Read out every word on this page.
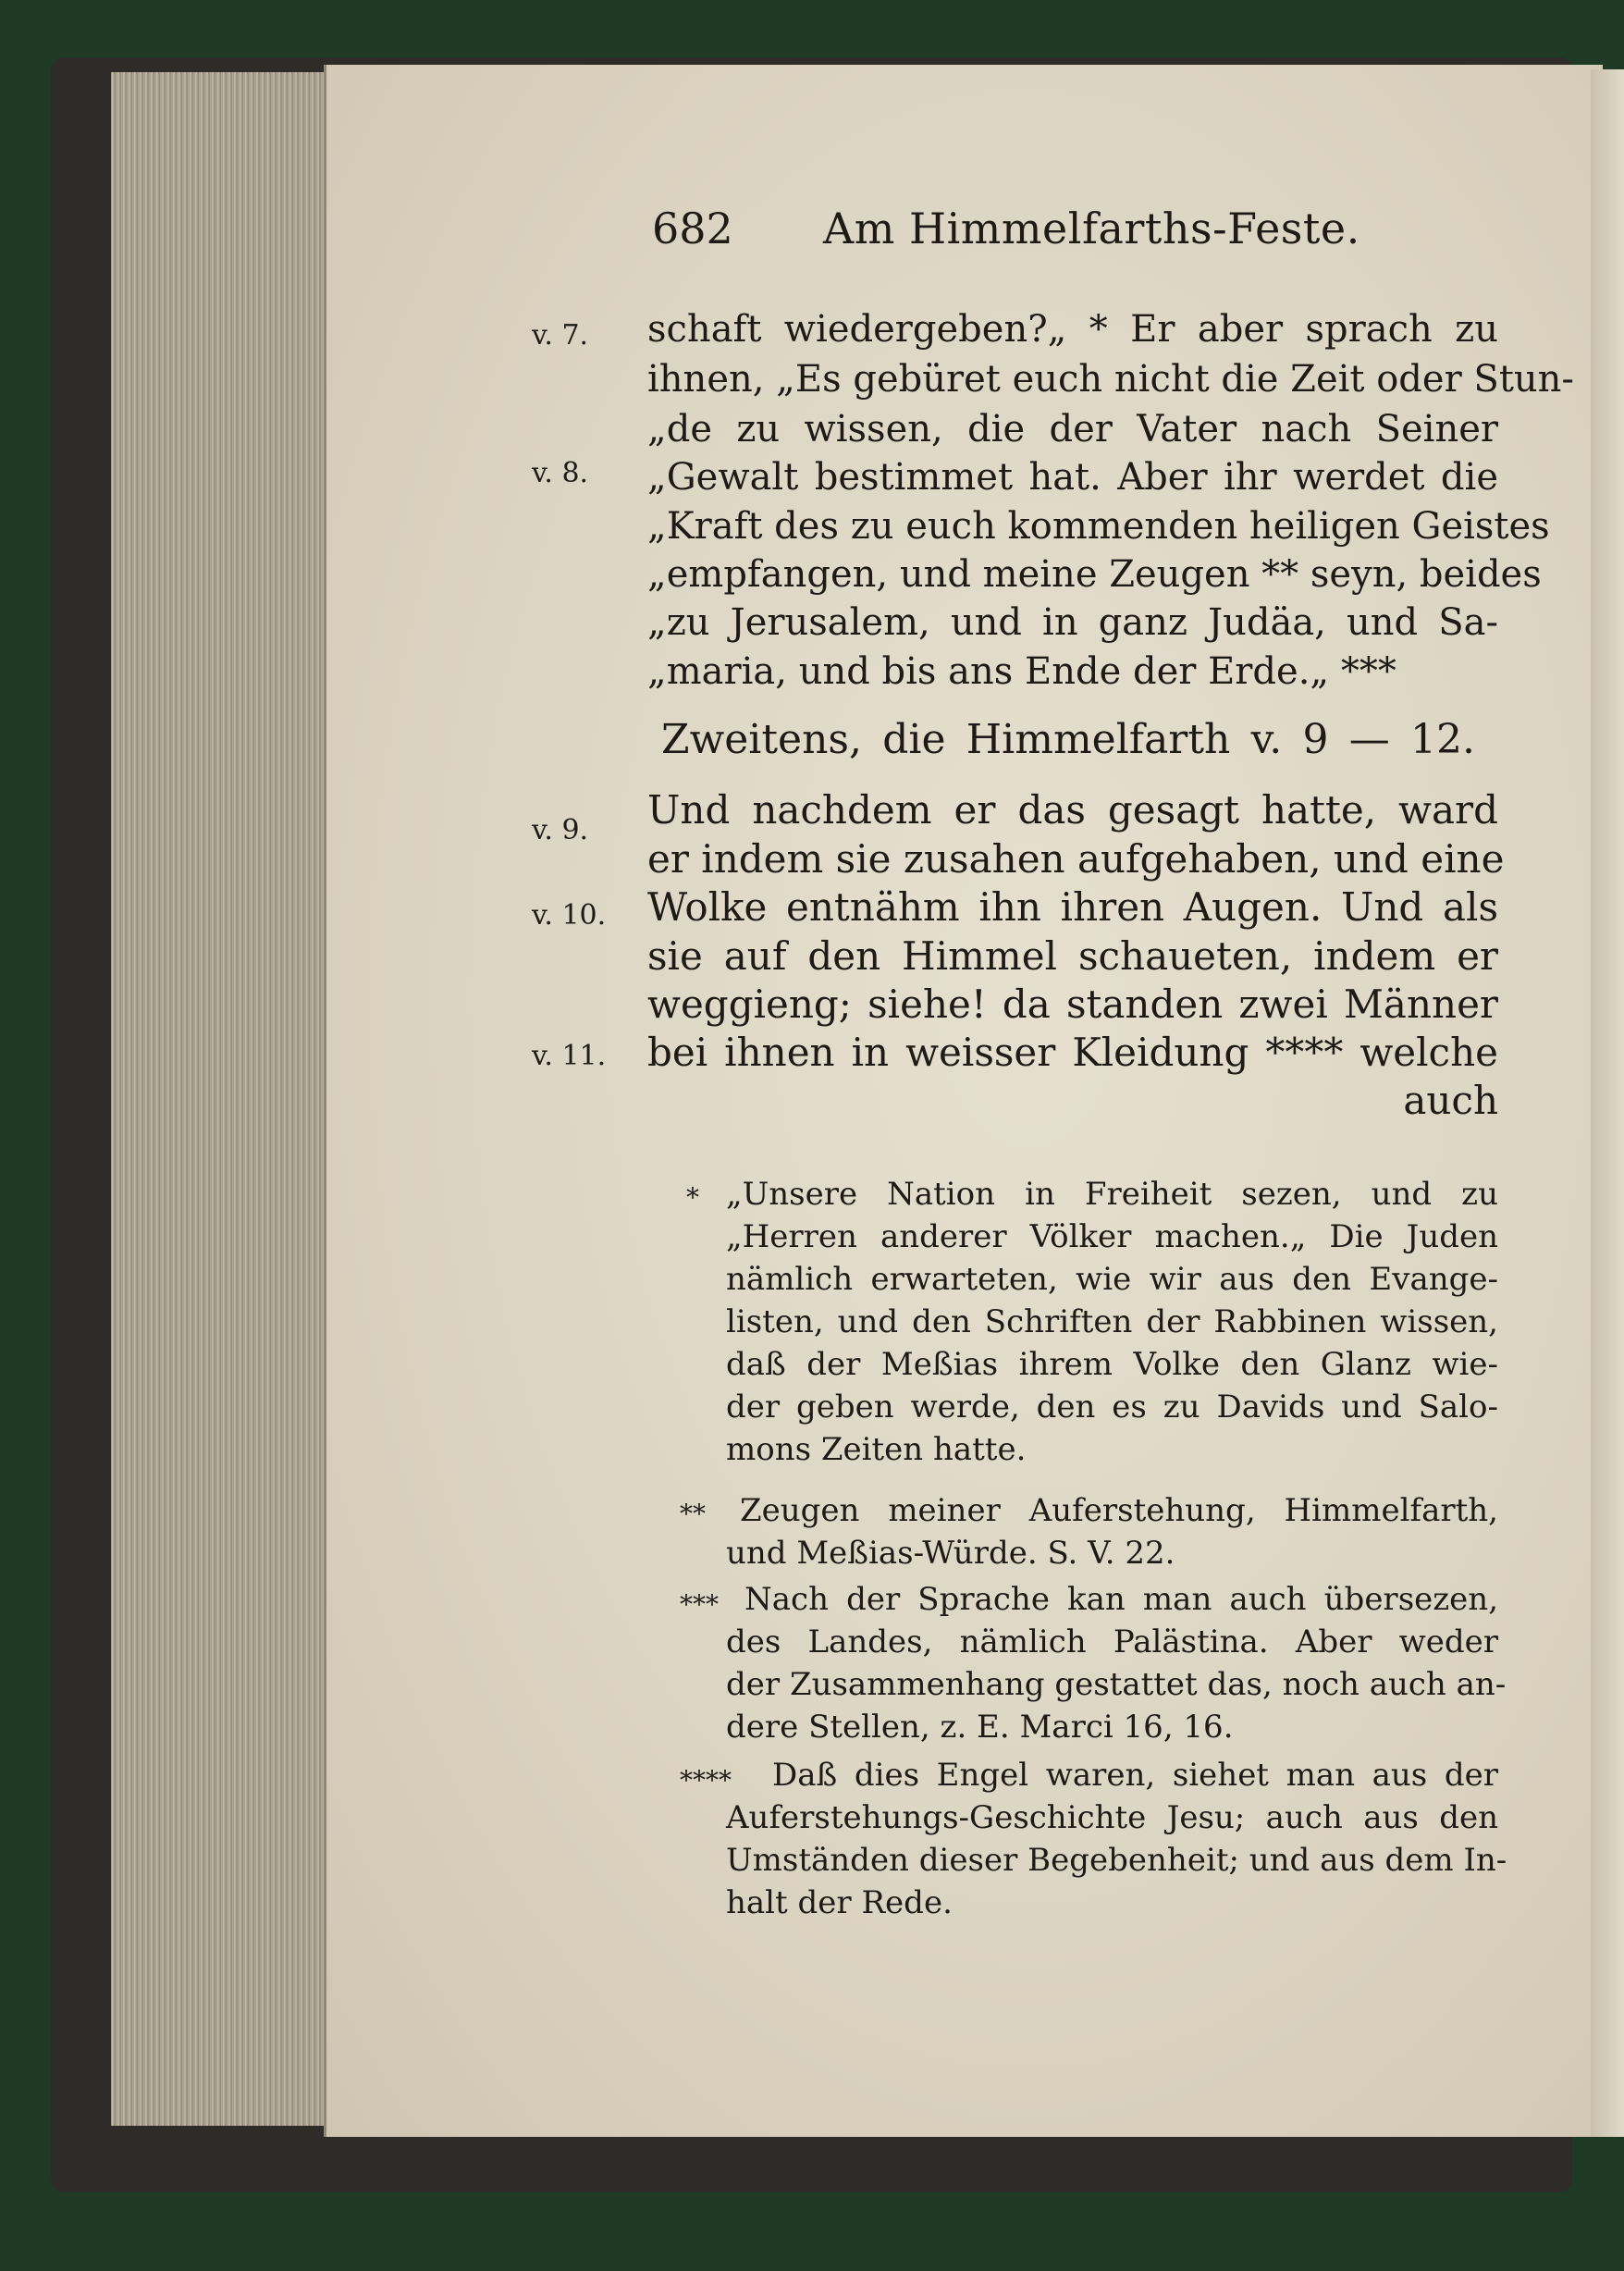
682 Am Himmelfarths-Feste.
v. 7.
v. 8.
v. 9.
v. 10.
v. 11.
schaft wiedergeben?„ * Er aber sprach zu
ihnen, „Es gebüret euch nicht die Zeit oder Stun-
„de zu wissen, die der Vater nach Seiner
„Gewalt bestimmet hat. Aber ihr werdet die
„Kraft des zu euch kommenden heiligen Geistes
„empfangen, und meine Zeugen ** seyn, beides
„zu Jerusalem, und in ganz Judäa, und Sa-
„maria, und bis ans Ende der Erde.„ ***
Zweitens, die Himmelfarth v. 9 — 12.
Und nachdem er das gesagt hatte, ward
er indem sie zusahen aufgehaben, und eine
Wolke entnähm ihn ihren Augen. Und als
sie auf den Himmel schaueten, indem er
weggieng; siehe! da standen zwei Männer
bei ihnen in weisser Kleidung **** welche
auch
* „Unsere Nation in Freiheit sezen, und zu
„Herren anderer Völker machen.„ Die Juden
nämlich erwarteten, wie wir aus den Evange-
listen, und den Schriften der Rabbinen wissen,
daß der Meßias ihrem Volke den Glanz wie-
der geben werde, den es zu Davids und Salo-
mons Zeiten hatte.
**	Zeugen meiner Auferstehung, Himmelfarth,
und Meßias-Würde. S. V. 22.
*** Nach der Sprache kan man auch übersezen,
des Landes, nämlich Palästina. Aber weder
der Zusammenhang gestattet das, noch auch an-
dere Stellen, z. E. Marci 16, 16.
****	Daß dies Engel waren, siehet man aus der
Auferstehungs-Geschichte Jesu; auch aus den
Umständen dieser Begebenheit; und aus dem In-
halt der Rede.
